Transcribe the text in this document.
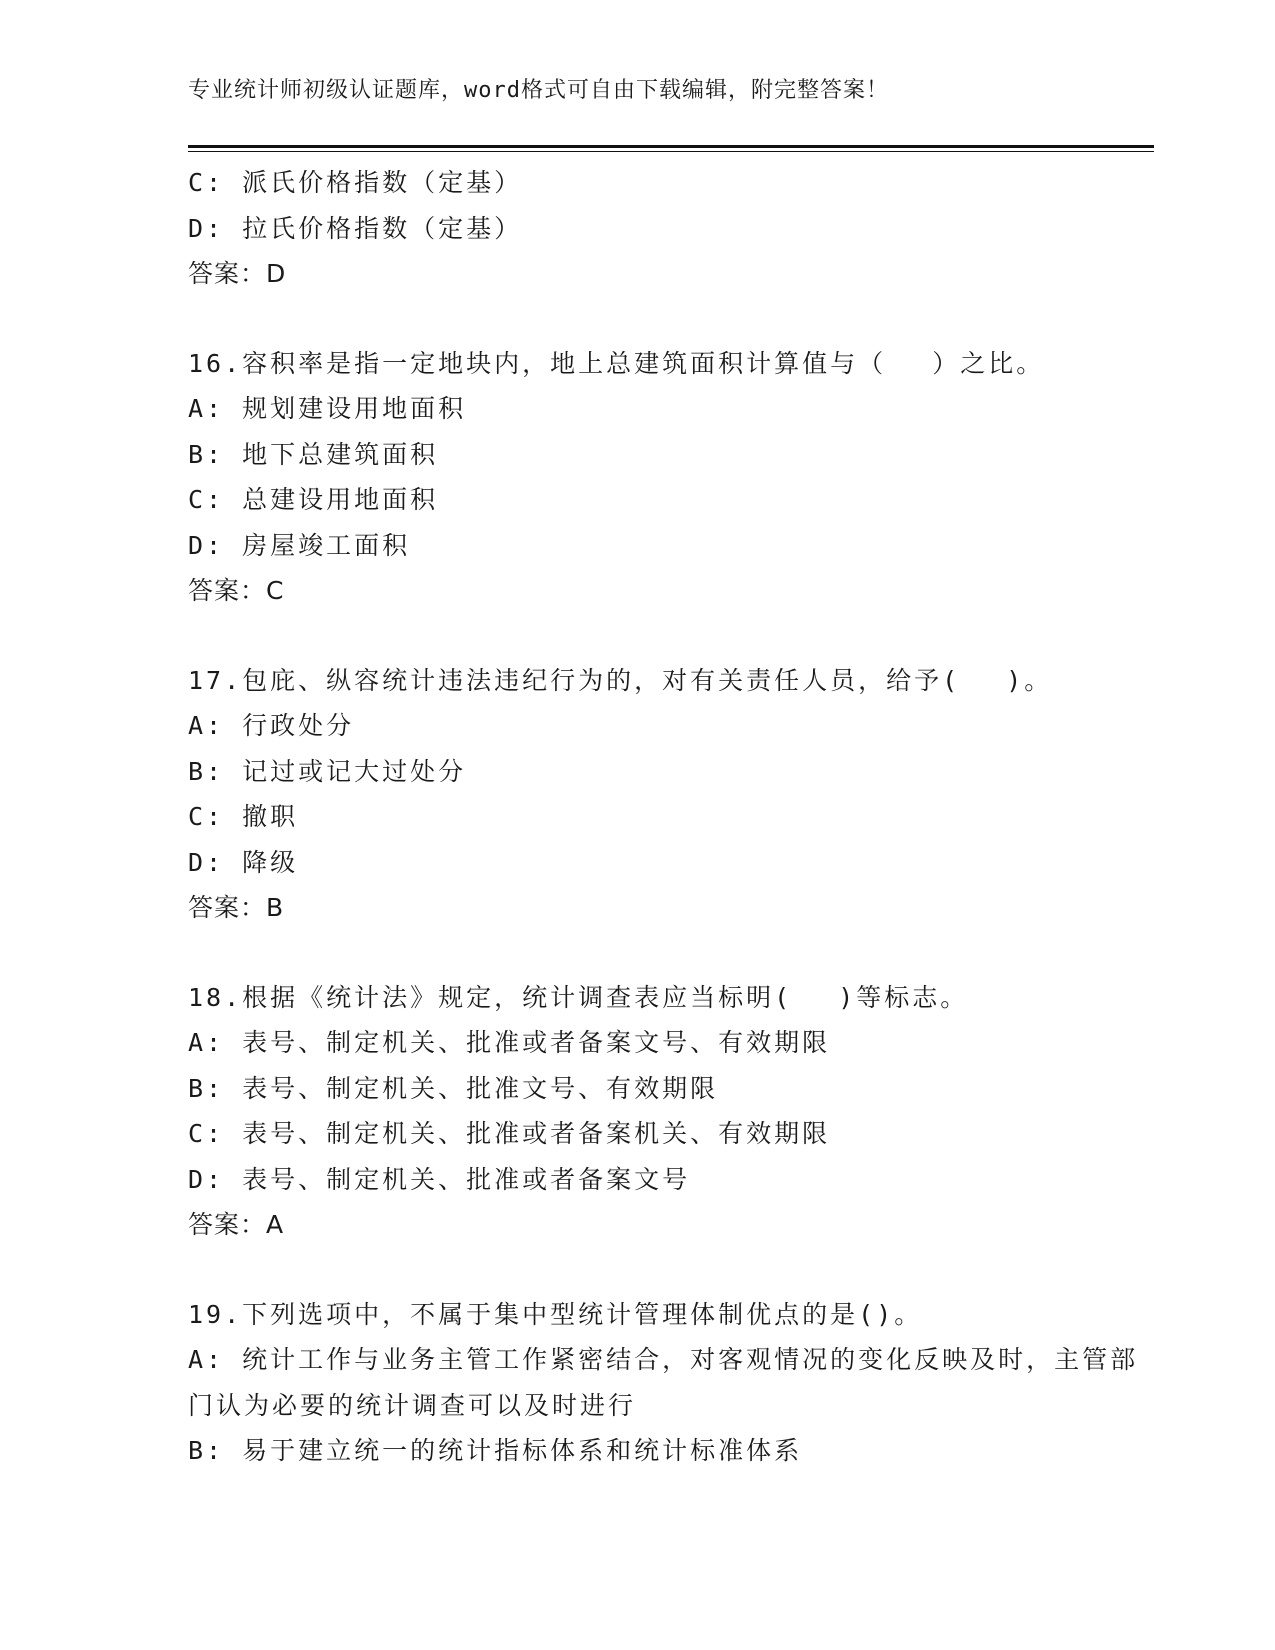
专业统计师初级认证题库，word格式可自由下载编辑，附完整答案！
C: 派氏价格指数（定基）
D: 拉氏价格指数（定基）
答案：D
16.容积率是指一定地块内，地上总建筑面积计算值与（　 ）之比。
A: 规划建设用地面积
B: 地下总建筑面积
C: 总建设用地面积
D: 房屋竣工面积
答案：C
17.包庇、纵容统计违法违纪行为的，对有关责任人员，给予(　 )。
A: 行政处分
B: 记过或记大过处分
C: 撤职
D: 降级
答案：B
18.根据《统计法》规定，统计调查表应当标明(　 )等标志。
A: 表号、制定机关、批准或者备案文号、有效期限
B: 表号、制定机关、批准文号、有效期限
C: 表号、制定机关、批准或者备案机关、有效期限
D: 表号、制定机关、批准或者备案文号
答案：A
19.下列选项中，不属于集中型统计管理体制优点的是()。
A: 统计工作与业务主管工作紧密结合，对客观情况的变化反映及时，主管部门认为必要的统计调查可以及时进行
B: 易于建立统一的统计指标体系和统计标准体系
